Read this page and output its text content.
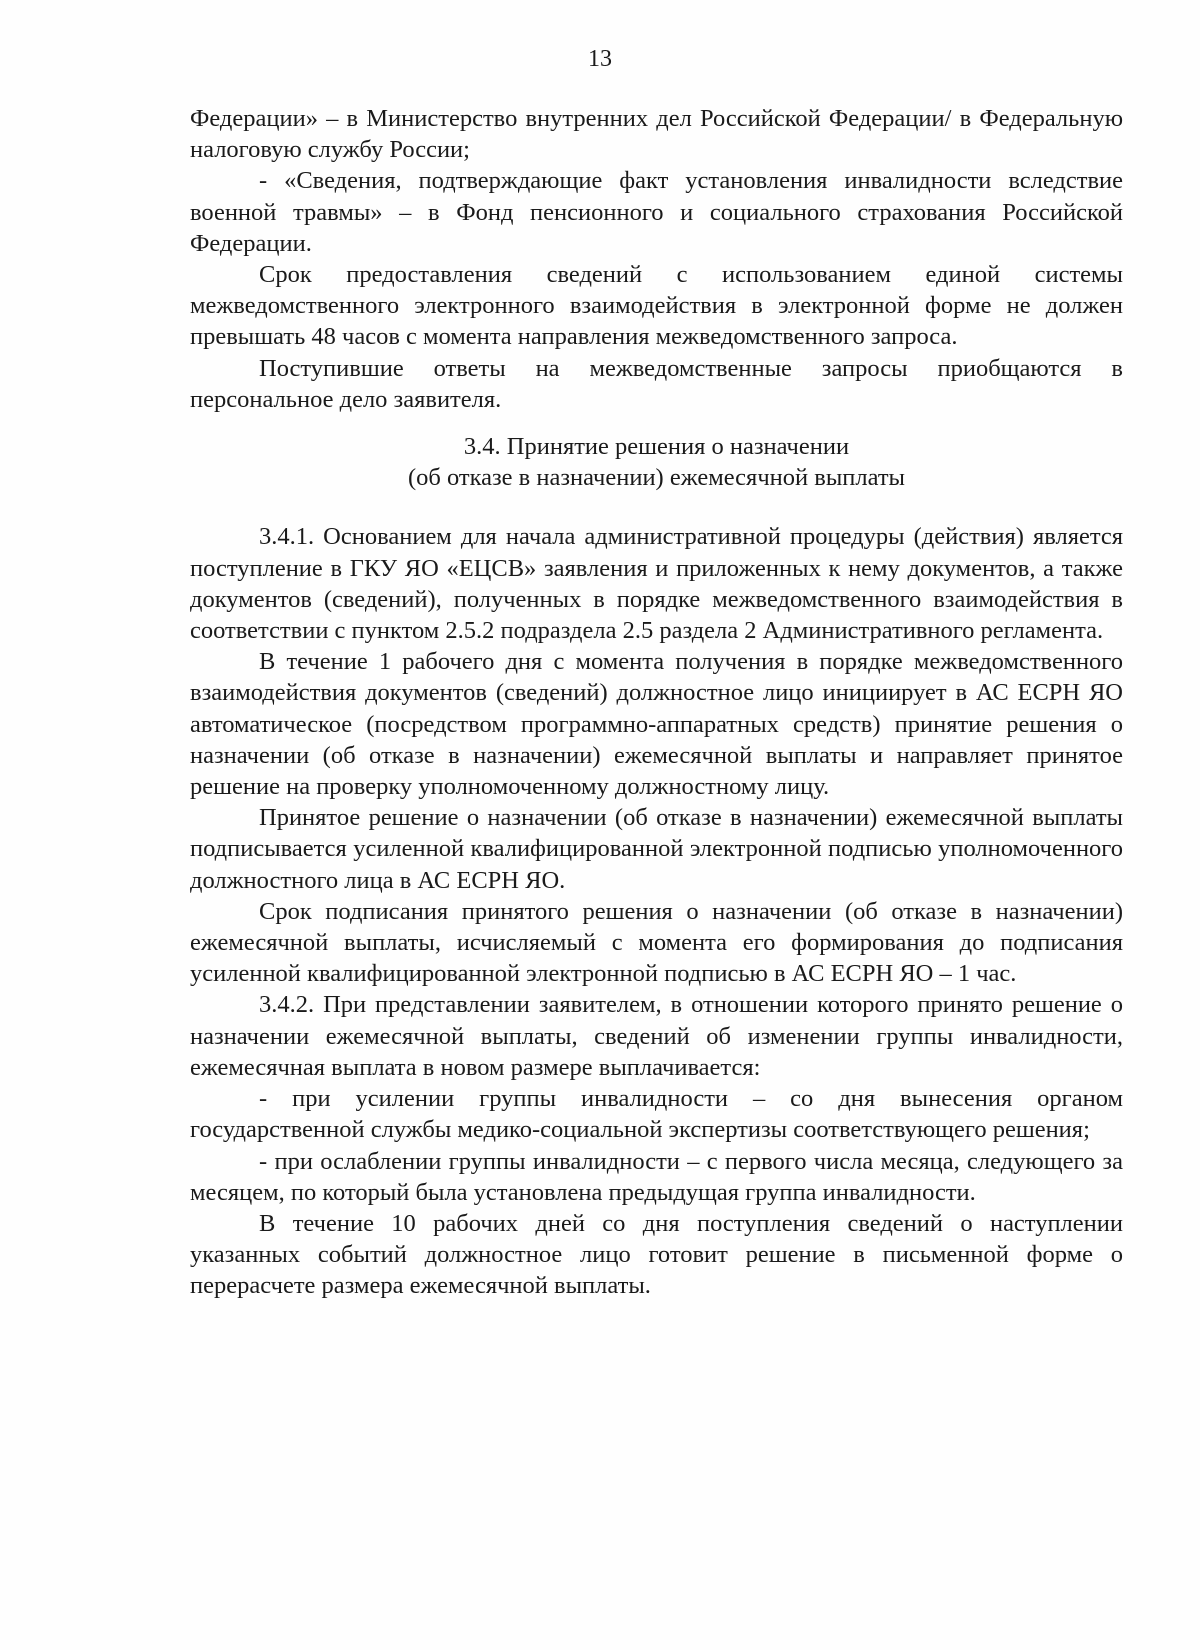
13

Федерации» – в Министерство внутренних дел Российской Федерации/ в Федеральную налоговую службу России;

- «Сведения, подтверждающие факт установления инвалидности вследствие военной травмы» – в Фонд пенсионного и социального страхования Российской Федерации.

Срок предоставления сведений с использованием единой системы межведомственного электронного взаимодействия в электронной форме не должен превышать 48 часов с момента направления межведомственного запроса.

Поступившие ответы на межведомственные запросы приобщаются в персональное дело заявителя.

3.4. Принятие решения о назначении
(об отказе в назначении) ежемесячной выплаты

3.4.1. Основанием для начала административной процедуры (действия) является поступление в ГКУ ЯО «ЕЦСВ» заявления и приложенных к нему документов, а также документов (сведений), полученных в порядке межведомственного взаимодействия в соответствии с пунктом 2.5.2 подраздела 2.5 раздела 2 Административного регламента.

В течение 1 рабочего дня с момента получения в порядке межведомственного взаимодействия документов (сведений) должностное лицо инициирует в АС ЕСРН ЯО автоматическое (посредством программно-аппаратных средств) принятие решения о назначении (об отказе в назначении) ежемесячной выплаты и направляет принятое решение на проверку уполномоченному должностному лицу.

Принятое решение о назначении (об отказе в назначении) ежемесячной выплаты подписывается усиленной квалифицированной электронной подписью уполномоченного должностного лица в АС ЕСРН ЯО.

Срок подписания принятого решения о назначении (об отказе в назначении) ежемесячной выплаты, исчисляемый с момента его формирования до подписания усиленной квалифицированной электронной подписью в АС ЕСРН ЯО – 1 час.

3.4.2. При представлении заявителем, в отношении которого принято решение о назначении ежемесячной выплаты, сведений об изменении группы инвалидности, ежемесячная выплата в новом размере выплачивается:

- при усилении группы инвалидности – со дня вынесения органом государственной службы медико-социальной экспертизы соответствующего решения;

- при ослаблении группы инвалидности – с первого числа месяца, следующего за месяцем, по который была установлена предыдущая группа инвалидности.

В течение 10 рабочих дней со дня поступления сведений о наступлении указанных событий должностное лицо готовит решение в письменной форме о перерасчете размера ежемесячной выплаты.
